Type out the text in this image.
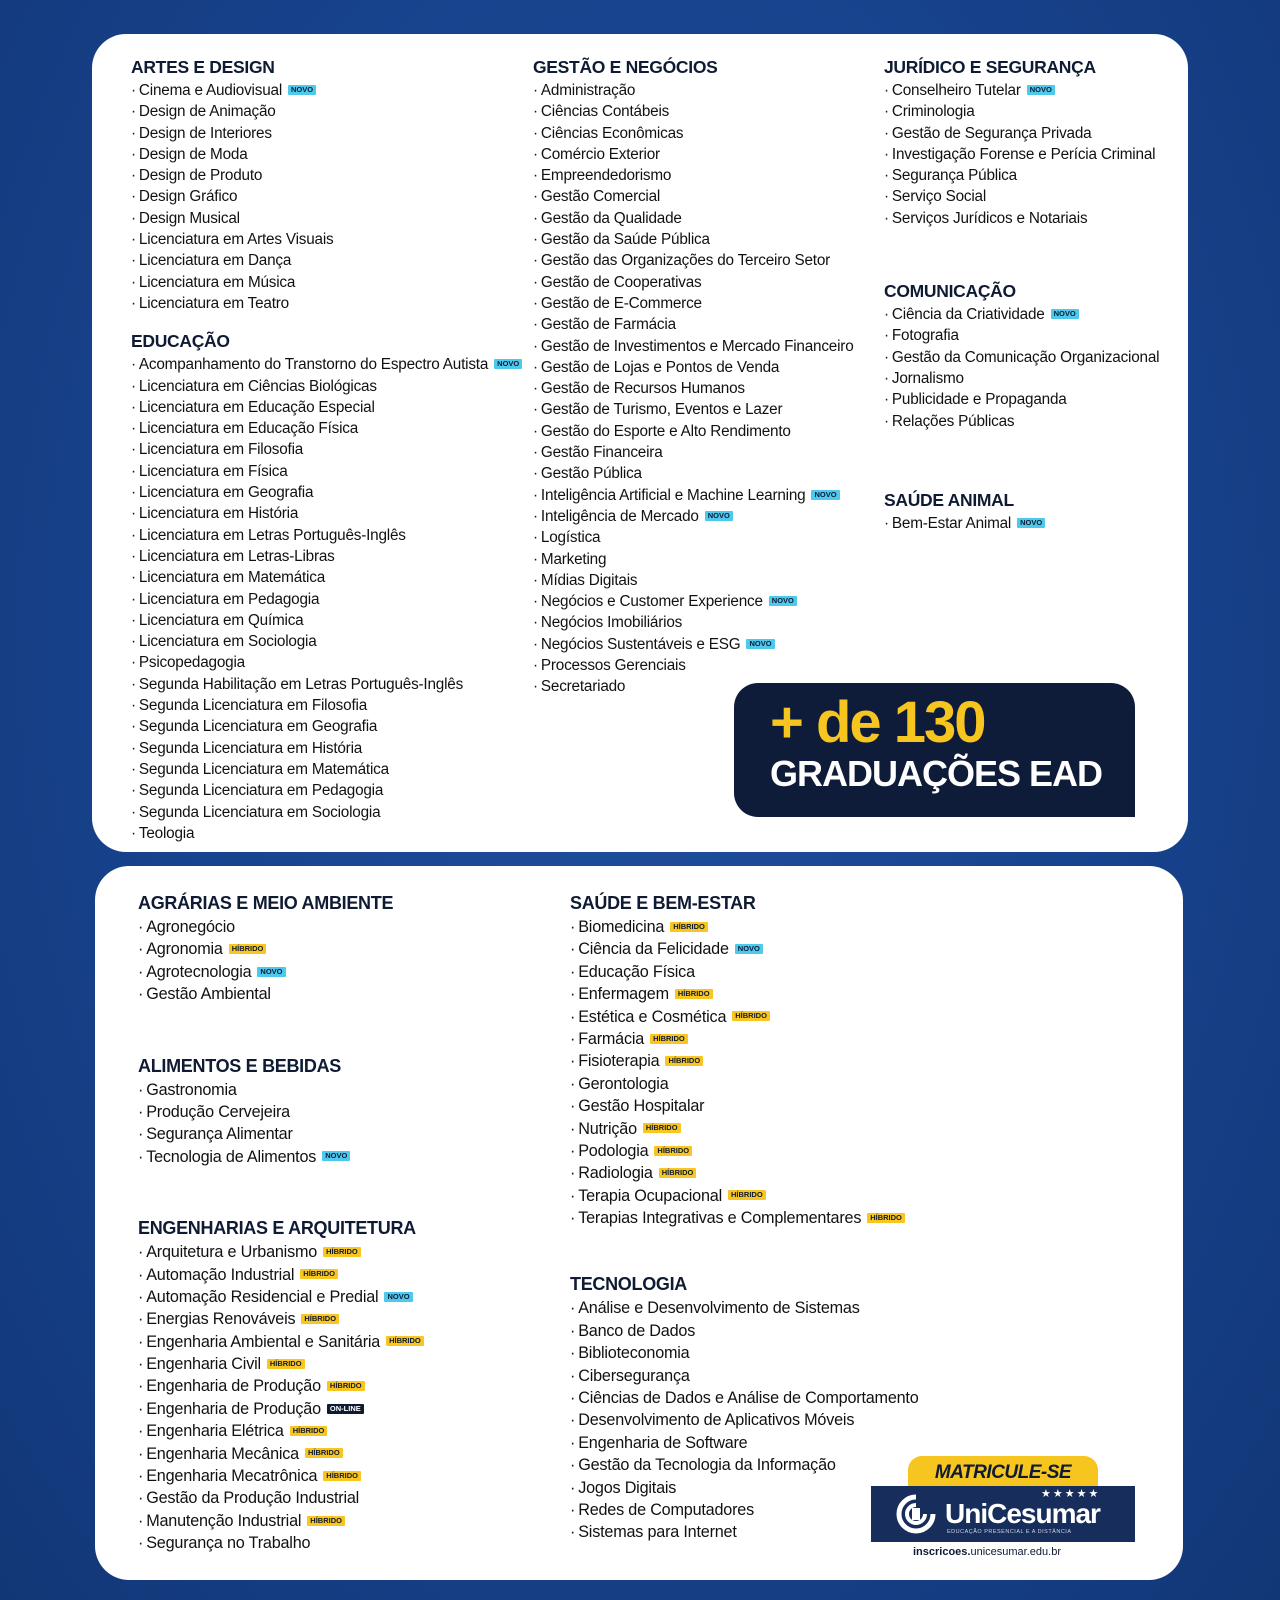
ARTES E DESIGN
· Cinema e Audiovisual NOVO
· Design de Animação
· Design de Interiores
· Design de Moda
· Design de Produto
· Design Gráfico
· Design Musical
· Licenciatura em Artes Visuais
· Licenciatura em Dança
· Licenciatura em Música
· Licenciatura em Teatro
EDUCAÇÃO
· Acompanhamento do Transtorno do Espectro Autista NOVO
· Licenciatura em Ciências Biológicas
· Licenciatura em Educação Especial
· Licenciatura em Educação Física
· Licenciatura em Filosofia
· Licenciatura em Física
· Licenciatura em Geografia
· Licenciatura em História
· Licenciatura em Letras Português-Inglês
· Licenciatura em Letras-Libras
· Licenciatura em Matemática
· Licenciatura em Pedagogia
· Licenciatura em Química
· Licenciatura em Sociologia
· Psicopedagogia
· Segunda Habilitação em Letras Português-Inglês
· Segunda Licenciatura em Filosofia
· Segunda Licenciatura em Geografia
· Segunda Licenciatura em História
· Segunda Licenciatura em Matemática
· Segunda Licenciatura em Pedagogia
· Segunda Licenciatura em Sociologia
· Teologia
GESTÃO E NEGÓCIOS
· Administração
· Ciências Contábeis
· Ciências Econômicas
· Comércio Exterior
· Empreendedorismo
· Gestão Comercial
· Gestão da Qualidade
· Gestão da Saúde Pública
· Gestão das Organizações do Terceiro Setor
· Gestão de Cooperativas
· Gestão de E-Commerce
· Gestão de Farmácia
· Gestão de Investimentos e Mercado Financeiro
· Gestão de Lojas e Pontos de Venda
· Gestão de Recursos Humanos
· Gestão de Turismo, Eventos e Lazer
· Gestão do Esporte e Alto Rendimento
· Gestão Financeira
· Gestão Pública
· Inteligência Artificial e Machine Learning NOVO
· Inteligência de Mercado NOVO
· Logística
· Marketing
· Mídias Digitais
· Negócios e Customer Experience NOVO
· Negócios Imobiliários
· Negócios Sustentáveis e ESG NOVO
· Processos Gerenciais
· Secretariado
JURÍDICO E SEGURANÇA
· Conselheiro Tutelar NOVO
· Criminologia
· Gestão de Segurança Privada
· Investigação Forense e Perícia Criminal
· Segurança Pública
· Serviço Social
· Serviços Jurídicos e Notariais
COMUNICAÇÃO
· Ciência da Criatividade NOVO
· Fotografia
· Gestão da Comunicação Organizacional
· Jornalismo
· Publicidade e Propaganda
· Relações Públicas
SAÚDE ANIMAL
· Bem-Estar Animal NOVO
+ de 130
GRADUAÇÕES EAD
AGRÁRIAS E MEIO AMBIENTE
· Agronegócio
· Agronomia HÍBRIDO
· Agrotecnologia NOVO
· Gestão Ambiental
ALIMENTOS E BEBIDAS
· Gastronomia
· Produção Cervejeira
· Segurança Alimentar
· Tecnologia de Alimentos NOVO
ENGENHARIAS E ARQUITETURA
· Arquitetura e Urbanismo HÍBRIDO
· Automação Industrial HÍBRIDO
· Automação Residencial e Predial NOVO
· Energias Renováveis HÍBRIDO
· Engenharia Ambiental e Sanitária HÍBRIDO
· Engenharia Civil HÍBRIDO
· Engenharia de Produção HÍBRIDO
· Engenharia de Produção ON-LINE
· Engenharia Elétrica HÍBRIDO
· Engenharia Mecânica HÍBRIDO
· Engenharia Mecatrônica HÍBRIDO
· Gestão da Produção Industrial
· Manutenção Industrial HÍBRIDO
· Segurança no Trabalho
SAÚDE E BEM-ESTAR
· Biomedicina HÍBRIDO
· Ciência da Felicidade NOVO
· Educação Física
· Enfermagem HÍBRIDO
· Estética e Cosmética HÍBRIDO
· Farmácia HÍBRIDO
· Fisioterapia HÍBRIDO
· Gerontologia
· Gestão Hospitalar
· Nutrição HÍBRIDO
· Podologia HÍBRIDO
· Radiologia HÍBRIDO
· Terapia Ocupacional HÍBRIDO
· Terapias Integrativas e Complementares HÍBRIDO
TECNOLOGIA
· Análise e Desenvolvimento de Sistemas
· Banco de Dados
· Biblioteconomia
· Cibersegurança
· Ciências de Dados e Análise de Comportamento
· Desenvolvimento de Aplicativos Móveis
· Engenharia de Software
· Gestão da Tecnologia da Informação
· Jogos Digitais
· Redes de Computadores
· Sistemas para Internet
MATRICULE-SE
UniCesumar
★★★★★
EDUCAÇÃO PRESENCIAL E A DISTÂNCIA
inscricoes.unicesumar.edu.br
